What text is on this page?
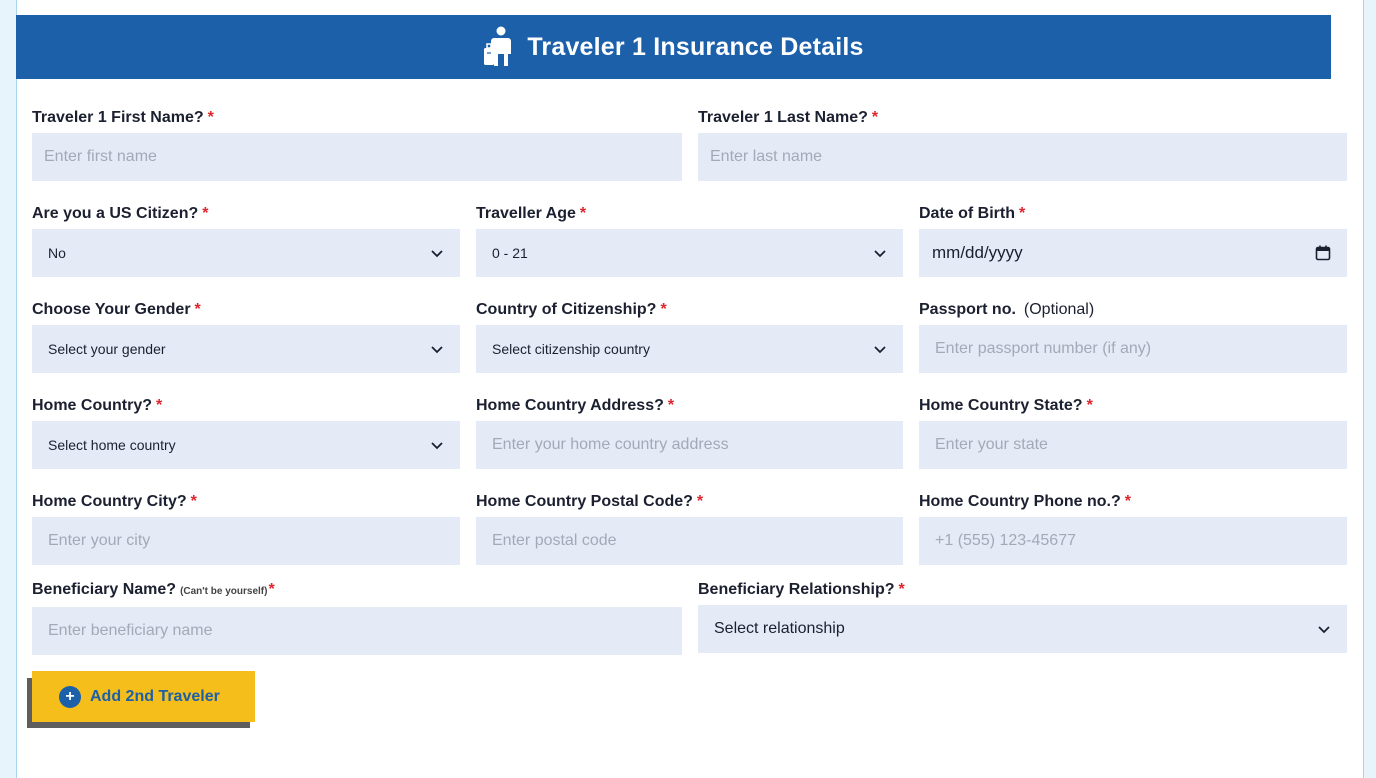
Traveler 1 Insurance Details
Traveler 1 First Name? *
Enter first name
Traveler 1 Last Name? *
Enter last name
Are you a US Citizen? *
No
Traveller Age *
0 - 21
Date of Birth *
mm/dd/yyyy
Choose Your Gender *
Select your gender
Country of Citizenship? *
Select citizenship country
Passport no. (Optional)
Enter passport number (if any)
Home Country? *
Select home country
Home Country Address? *
Enter your home country address
Home Country State? *
Enter your state
Home Country City? *
Enter your city
Home Country Postal Code? *
Enter postal code
Home Country Phone no.? *
+1 (555) 123-45677
Beneficiary Name? (Can't be yourself)*
Enter beneficiary name
Beneficiary Relationship? *
Select relationship
+ Add 2nd Traveler
